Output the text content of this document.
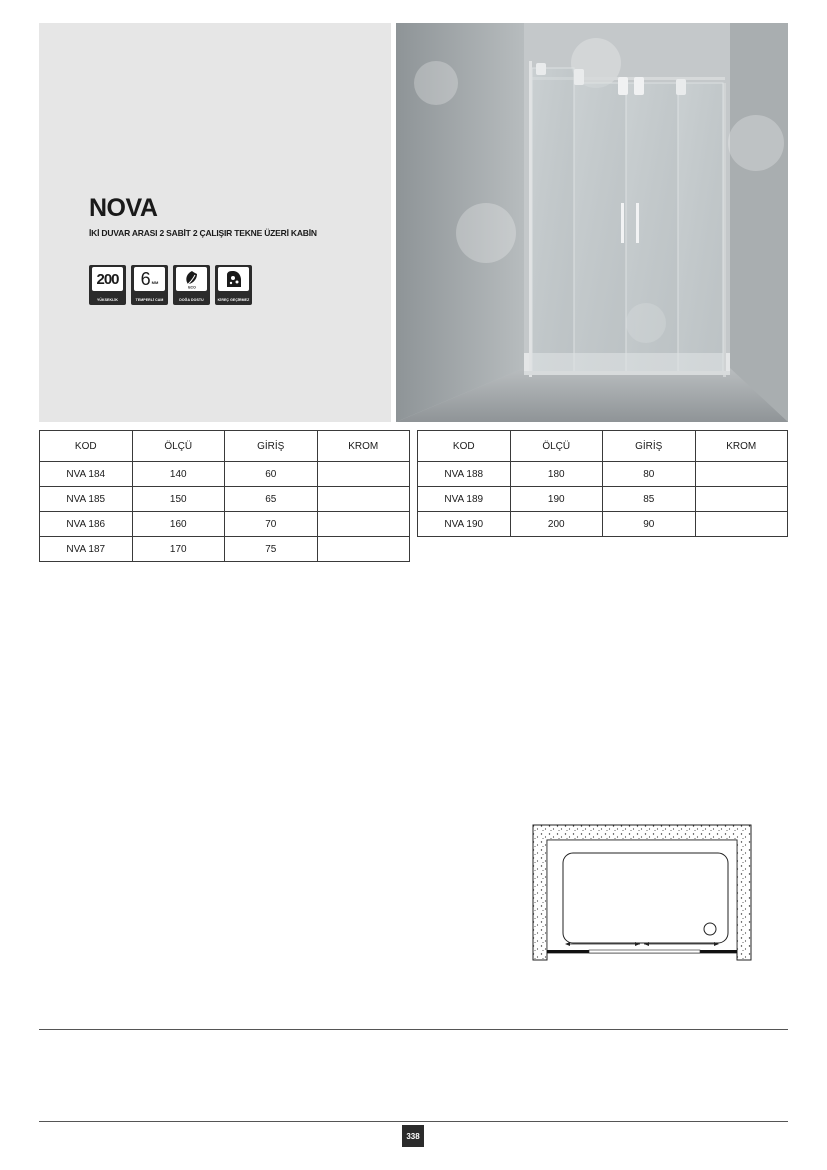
NOVA
İKİ DUVAR ARASI 2 SABİT 2 ÇALIŞIR TEKNE ÜZERİ KABİN
200
YÜKSEKLİK
6 MM
TEMPERLİ CAM
ECO
DOĞA DOSTU	KİREÇ GEÇİRMEZ
KOD	ÖLÇÜ	GİRİŞ	KROM
NVA 184	140	60	
NVA 185	150	65	
NVA 186	160	70	
NVA 187	170	75	
KOD	ÖLÇÜ	GİRİŞ	KROM
NVA 188	180	80	
NVA 189	190	85	
NVA 190	200	90	
338
